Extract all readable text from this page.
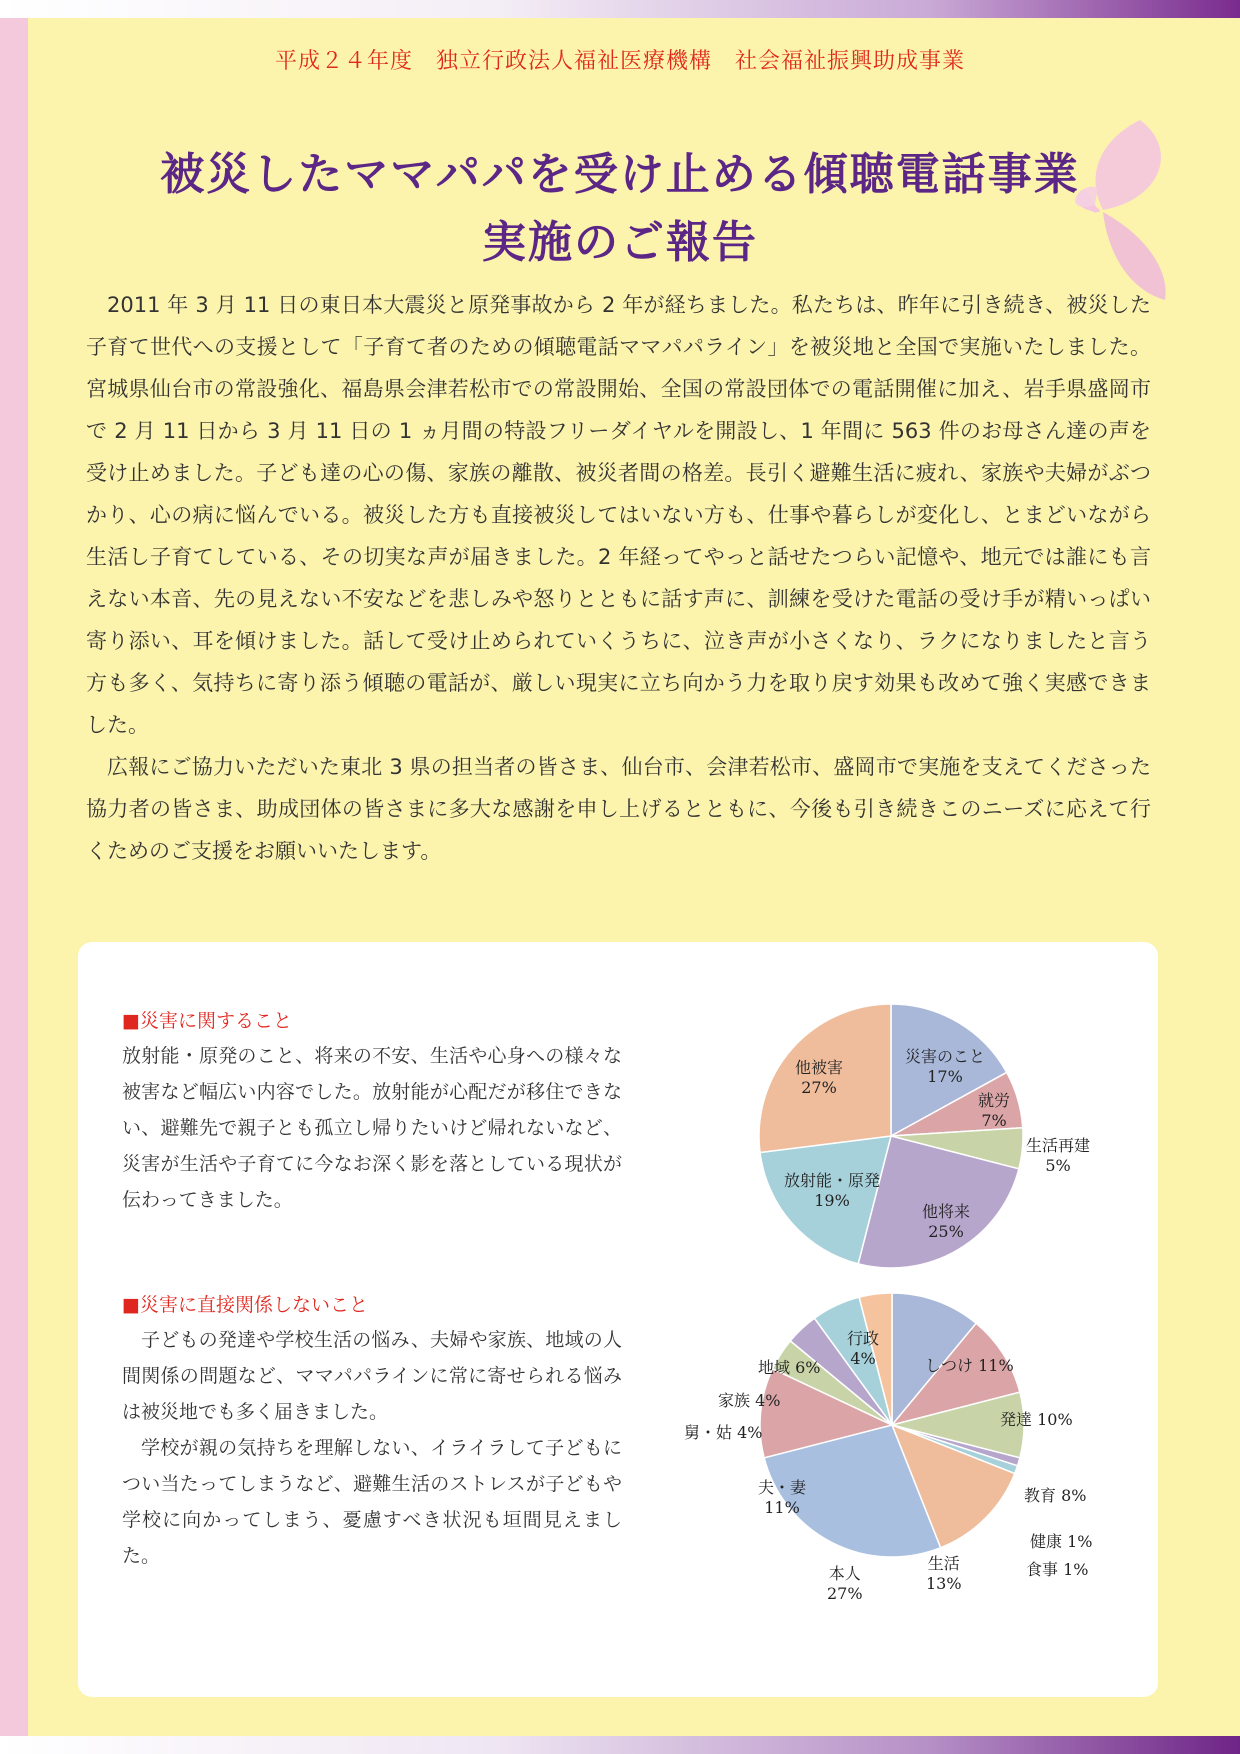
平成２４年度　独立行政法人福祉医療機構　社会福祉振興助成事業
被災したママパパを受け止める傾聴電話事業
実施のご報告

2011 年 3 月 11 日の東日本大震災と原発事故から 2 年が経ちました。私たちは、昨年に引き続き、被災した子育て世代への支援として「子育て者のための傾聴電話ママパパライン」を被災地と全国で実施いたしました。宮城県仙台市の常設強化、福島県会津若松市での常設開始、全国の常設団体での電話開催に加え、岩手県盛岡市で 2 月 11 日から 3 月 11 日の 1 ヵ月間の特設フリーダイヤルを開設し、1 年間に 563 件のお母さん達の声を受け止めました。子ども達の心の傷、家族の離散、被災者間の格差。長引く避難生活に疲れ、家族や夫婦がぶつかり、心の病に悩んでいる。被災した方も直接被災してはいない方も、仕事や暮らしが変化し、とまどいながら生活し子育てしている、その切実な声が届きました。2 年経ってやっと話せたつらい記憶や、地元では誰にも言えない本音、先の見えない不安などを悲しみや怒りとともに話す声に、訓練を受けた電話の受け手が精いっぱい寄り添い、耳を傾けました。話して受け止められていくうちに、泣き声が小さくなり、ラクになりましたと言う方も多く、気持ちに寄り添う傾聴の電話が、厳しい現実に立ち向かう力を取り戻す効果も改めて強く実感できました。

広報にご協力いただいた東北 3 県の担当者の皆さま、仙台市、会津若松市、盛岡市で実施を支えてくださった協力者の皆さま、助成団体の皆さまに多大な感謝を申し上げるとともに、今後も引き続きこのニーズに応えて行くためのご支援をお願いいたします。

■災害に関すること

放射能・原発のこと、将来の不安、生活や心身への様々な被害など幅広い内容でした。放射能が心配だが移住できない、避難先で親子とも孤立し帰りたいけど帰れないなど、災害が生活や子育てに今なお深く影を落としている現状が伝わってきました。

■災害に直接関係しないこと

子どもの発達や学校生活の悩み、夫婦や家族、地域の人間関係の問題など、ママパパラインに常に寄せられる悩みは被災地でも多く届きました。

学校が親の気持ちを理解しない、イライラして子どもについ当たってしまうなど、避難生活のストレスが子どもや学校に向かってしまう、憂慮すべき状況も垣間見えました。

災害のこと
17%
就労
7%
生活再建
5%
他将来
25%
放射能・原発
19%
他被害
27%
しつけ 11%
発達 10%
教育 8%
健康 1%
食事 1%
生活
13%
本人
27%
夫・妻
11%
舅・姑 4%
家族 4%
地域 6%
行政
4%
